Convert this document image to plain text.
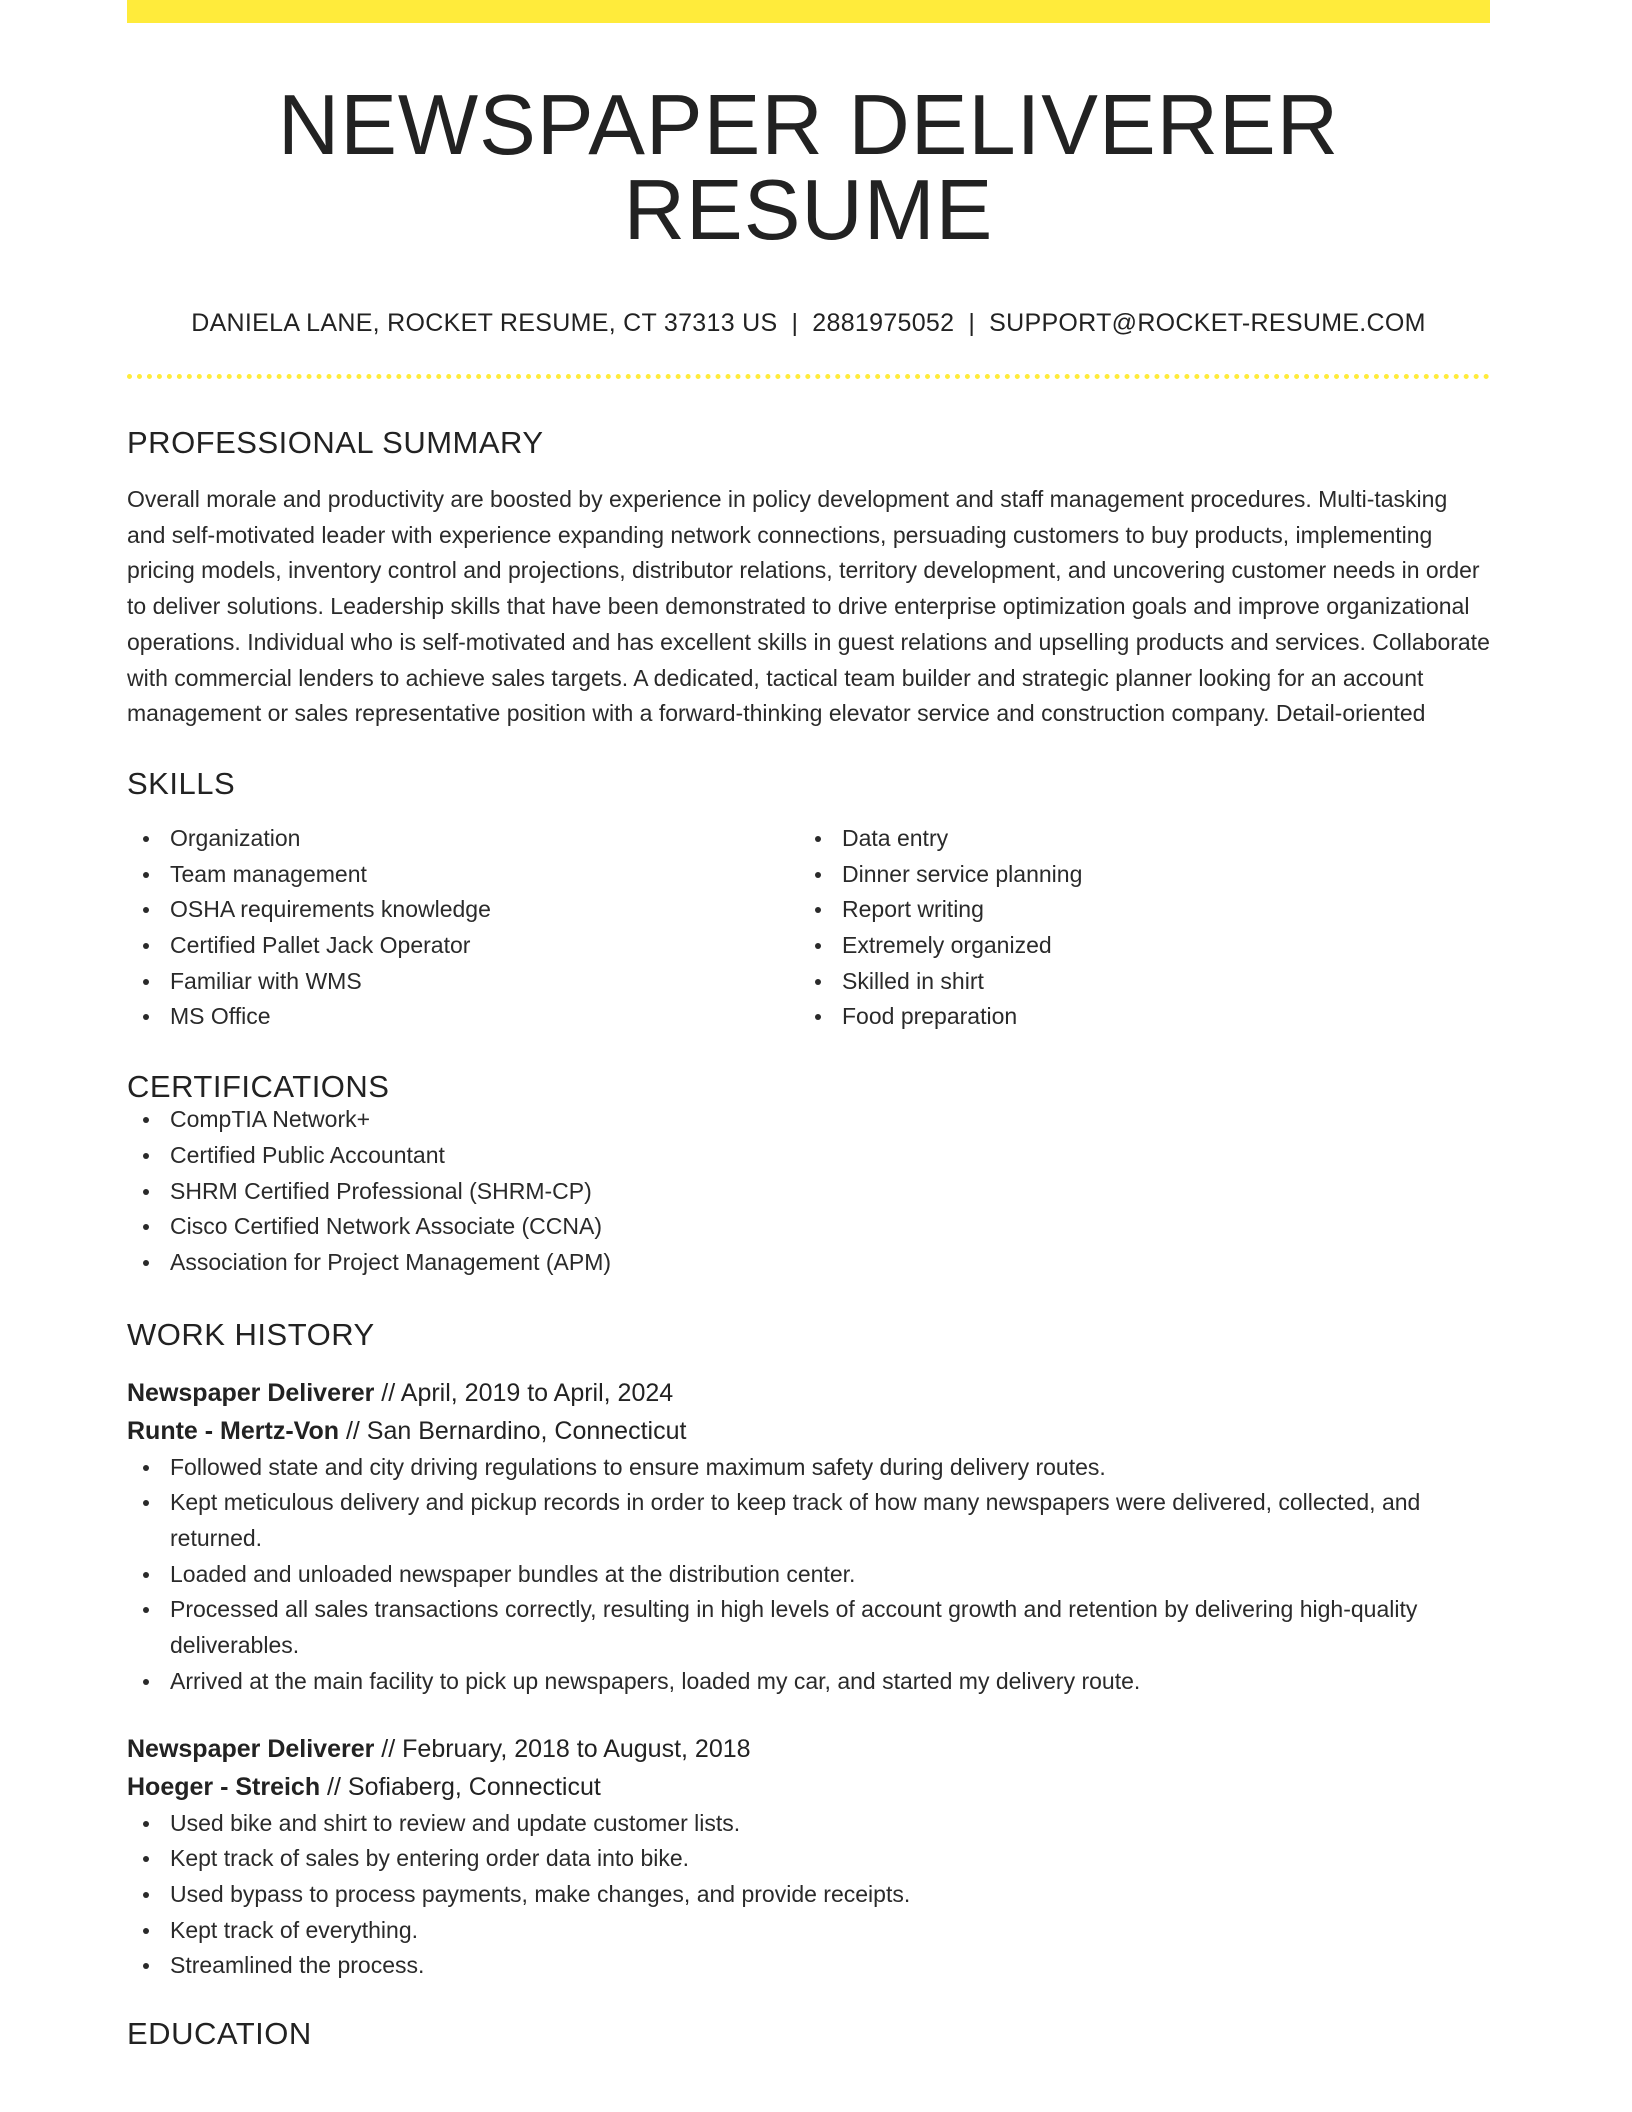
NEWSPAPER DELIVERER RESUME
DANIELA LANE, ROCKET RESUME, CT 37313 US | 2881975052 | SUPPORT@ROCKET-RESUME.COM
PROFESSIONAL SUMMARY

Overall morale and productivity are boosted by experience in policy development and staff management procedures. Multi-tasking and self-motivated leader with experience expanding network connections, persuading customers to buy products, implementing pricing models, inventory control and projections, distributor relations, territory development, and uncovering customer needs in order to deliver solutions. Leadership skills that have been demonstrated to drive enterprise optimization goals and improve organizational operations. Individual who is self-motivated and has excellent skills in guest relations and upselling products and services. Collaborate with commercial lenders to achieve sales targets. A dedicated, tactical team builder and strategic planner looking for an account management or sales representative position with a forward-thinking elevator service and construction company. Detail-oriented

SKILLS
Organization
Team management
OSHA requirements knowledge
Certified Pallet Jack Operator
Familiar with WMS
MS Office
Data entry
Dinner service planning
Report writing
Extremely organized
Skilled in shirt
Food preparation
CERTIFICATIONS
CompTIA Network+
Certified Public Accountant
SHRM Certified Professional (SHRM-CP)
Cisco Certified Network Associate (CCNA)
Association for Project Management (APM)
WORK HISTORY
Newspaper Deliverer // April, 2019 to April, 2024
Runte - Mertz-Von // San Bernardino, Connecticut
Followed state and city driving regulations to ensure maximum safety during delivery routes.
Kept meticulous delivery and pickup records in order to keep track of how many newspapers were delivered, collected, and returned.
Loaded and unloaded newspaper bundles at the distribution center.
Processed all sales transactions correctly, resulting in high levels of account growth and retention by delivering high-quality deliverables.
Arrived at the main facility to pick up newspapers, loaded my car, and started my delivery route.
Newspaper Deliverer // February, 2018 to August, 2018
Hoeger - Streich // Sofiaberg, Connecticut
Used bike and shirt to review and update customer lists.
Kept track of sales by entering order data into bike.
Used bypass to process payments, make changes, and provide receipts.
Kept track of everything.
Streamlined the process.
EDUCATION
